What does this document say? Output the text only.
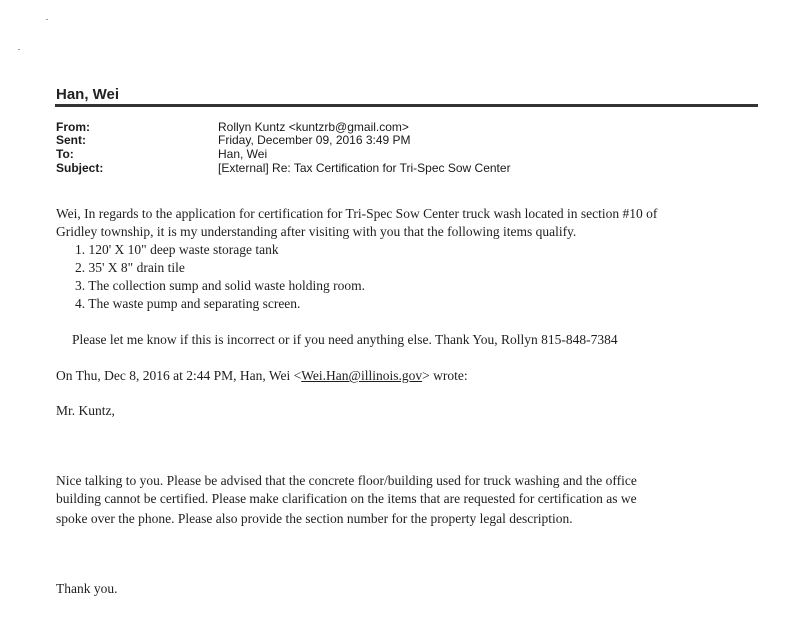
Han, Wei
From:	Rollyn Kuntz <kuntzrb@gmail.com>
Sent:	Friday, December 09, 2016 3:49 PM
To:	Han, Wei
Subject:	[External] Re: Tax Certification for Tri-Spec Sow Center
Wei, In regards to the application for certification for Tri-Spec Sow Center truck wash located in section #10 of
Gridley township, it is my understanding after visiting with you that the following items qualify.
1. 120' X 10" deep waste storage tank
2. 35' X 8" drain tile
3. The collection sump and solid waste holding room.
4. The waste pump and separating screen.
Please let me know if this is incorrect or if you need anything else. Thank You, Rollyn 815-848-7384
On Thu, Dec 8, 2016 at 2:44 PM, Han, Wei <Wei.Han@illinois.gov> wrote:
Mr. Kuntz,
Nice talking to you. Please be advised that the concrete floor/building used for truck washing and the office
building cannot be certified. Please make clarification on the items that are requested for certification as we
spoke over the phone. Please also provide the section number for the property legal description.
Thank you.
